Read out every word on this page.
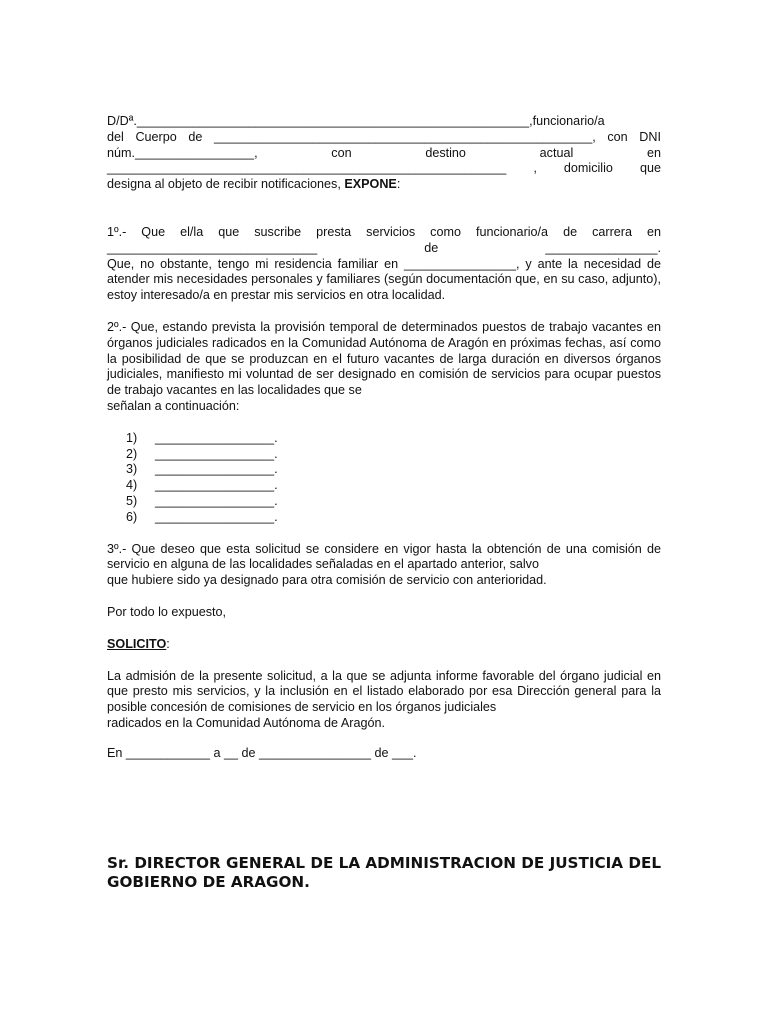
D/Dª.________________________________________________________,funcionario/a

del Cuerpo de ______________________________________________________, con DNI

núm._________________,	con	destino	actual	en

_________________________________________________________ , domicilio que

designa al objeto de recibir notificaciones, EXPONE:

1º.- Que el/la que suscribe presta servicios como funcionario/a de carrera en

______________________________ de ________________.

Que, no obstante, tengo mi residencia familiar en ________________, y ante la necesidad de atender mis necesidades personales y familiares (según documentación que, en su caso, adjunto), estoy interesado/a en prestar mis servicios en otra localidad.

2º.- Que, estando prevista la provisión temporal de determinados puestos de trabajo vacantes en órganos judiciales radicados en la Comunidad Autónoma de Aragón en próximas fechas, así como la posibilidad de que se produzcan en el futuro vacantes de larga duración en diversos órganos judiciales, manifiesto mi voluntad de ser designado en comisión de servicios para ocupar puestos de trabajo vacantes en las localidades que se

señalan a continuación:

1) _________________.
2) _________________.
3) _________________.
4) _________________.
5) _________________.
6) _________________.

3º.- Que deseo que esta solicitud se considere en vigor hasta la obtención de una comisión de servicio en alguna de las localidades señaladas en el apartado anterior, salvo

que hubiere sido ya designado para otra comisión de servicio con anterioridad.

Por todo lo expuesto,

SOLICITO:

La admisión de la presente solicitud, a la que se adjunta informe favorable del órgano judicial en que presto mis servicios, y la inclusión en el listado elaborado por esa Dirección general para la posible concesión de comisiones de servicio en los órganos judiciales

radicados en la Comunidad Autónoma de Aragón.

En ____________ a __ de ________________ de ___.

Sr. DIRECTOR GENERAL DE LA ADMINISTRACION DE JUSTICIA DEL

GOBIERNO DE ARAGON.
